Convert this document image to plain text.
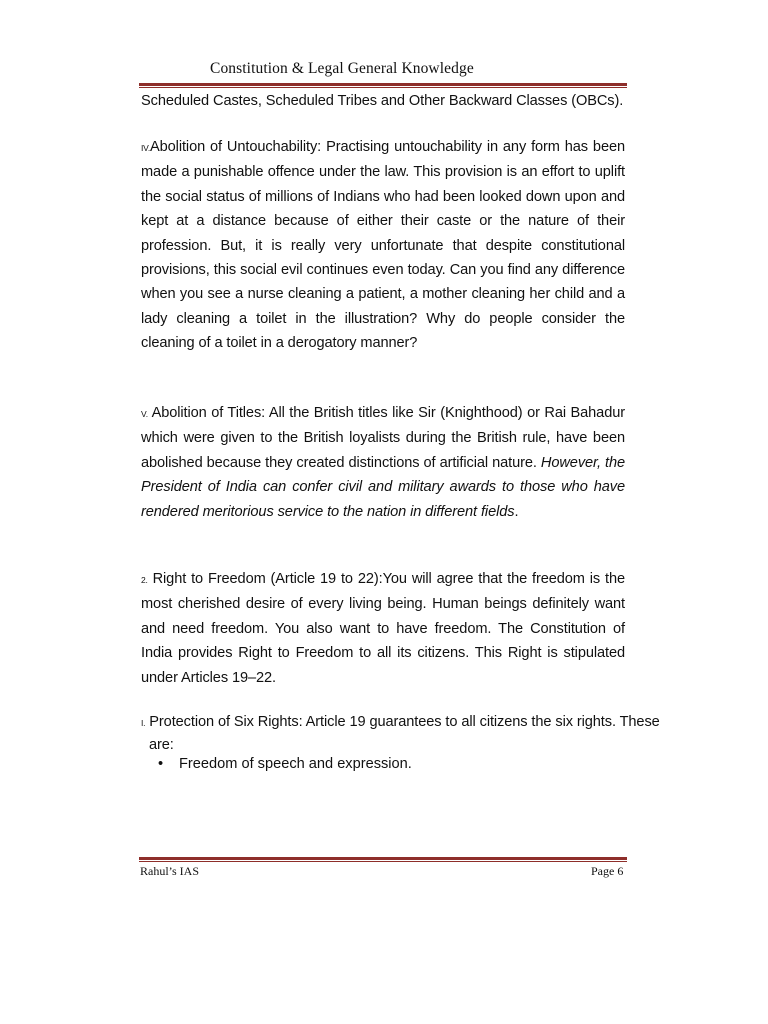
Constitution & Legal General Knowledge
Scheduled Castes, Scheduled Tribes and Other Backward Classes (OBCs).
IV.Abolition of Untouchability: Practising untouchability in any form has been made a punishable offence under the law. This provision is an effort to uplift the social status of millions of Indians who had been looked down upon and kept at a distance because of either their caste or the nature of their profession. But, it is really very unfortunate that despite constitutional provisions, this social evil continues even today. Can you find any difference when you see a nurse cleaning a patient, a mother cleaning her child and a lady cleaning a toilet in the illustration? Why do people consider the cleaning of a toilet in a derogatory manner?
V. Abolition of Titles: All the British titles like Sir (Knighthood) or Rai Bahadur which were given to the British loyalists during the British rule, have been abolished because they created distinctions of artificial nature. However, the President of India can confer civil and military awards to those who have rendered meritorious service to the nation in different fields.
2. Right to Freedom (Article 19 to 22):You will agree that the freedom is the most cherished desire of every living being. Human beings definitely want and need freedom. You also want to have freedom. The Constitution of India provides Right to Freedom to all its citizens. This Right is stipulated under Articles 19–22.
I. Protection of Six Rights: Article 19 guarantees to all citizens the six rights. These
are:
• Freedom of speech and expression.
Rahul’s IAS	Page 6
